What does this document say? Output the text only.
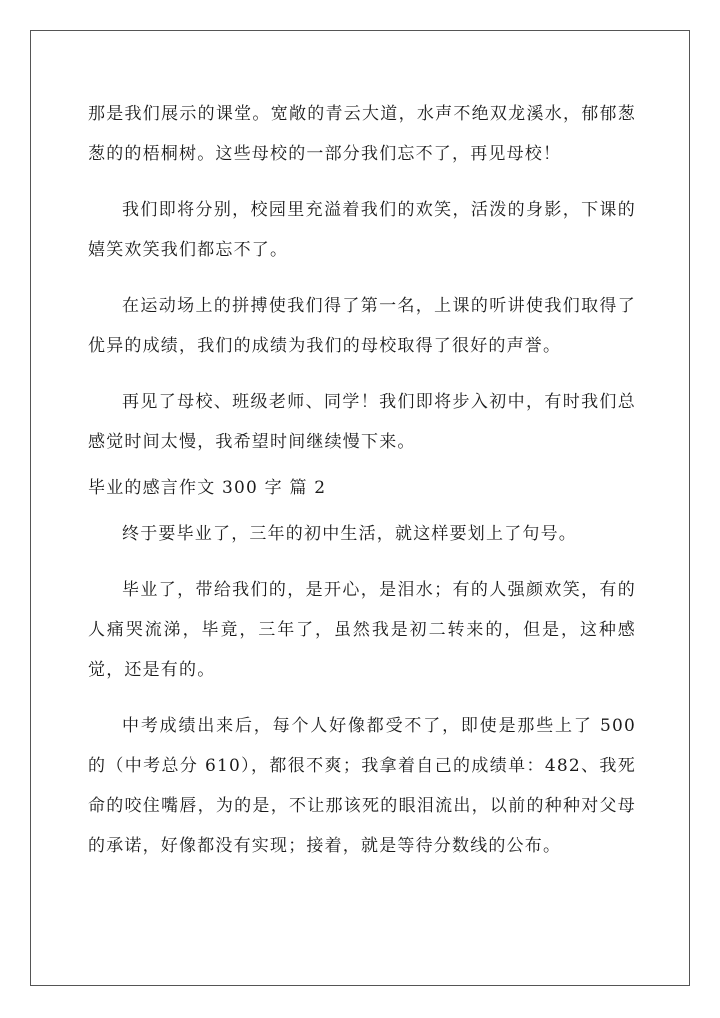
那是我们展示的课堂。宽敞的青云大道，水声不绝双龙溪水，郁郁葱葱的的梧桐树。这些母校的一部分我们忘不了，再见母校！

我们即将分别，校园里充溢着我们的欢笑，活泼的身影，下课的嬉笑欢笑我们都忘不了。

在运动场上的拼搏使我们得了第一名，上课的听讲使我们取得了优异的成绩，我们的成绩为我们的母校取得了很好的声誉。

再见了母校、班级老师、同学！我们即将步入初中，有时我们总感觉时间太慢，我希望时间继续慢下来。

毕业的感言作文 300 字 篇 2

终于要毕业了，三年的初中生活，就这样要划上了句号。

毕业了，带给我们的，是开心，是泪水；有的人强颜欢笑，有的人痛哭流涕，毕竟，三年了，虽然我是初二转来的，但是，这种感觉，还是有的。

中考成绩出来后，每个人好像都受不了，即使是那些上了 500 的（中考总分 610），都很不爽；我拿着自己的成绩单：482、我死命的咬住嘴唇，为的是，不让那该死的眼泪流出，以前的种种对父母的承诺，好像都没有实现；接着，就是等待分数线的公布。
